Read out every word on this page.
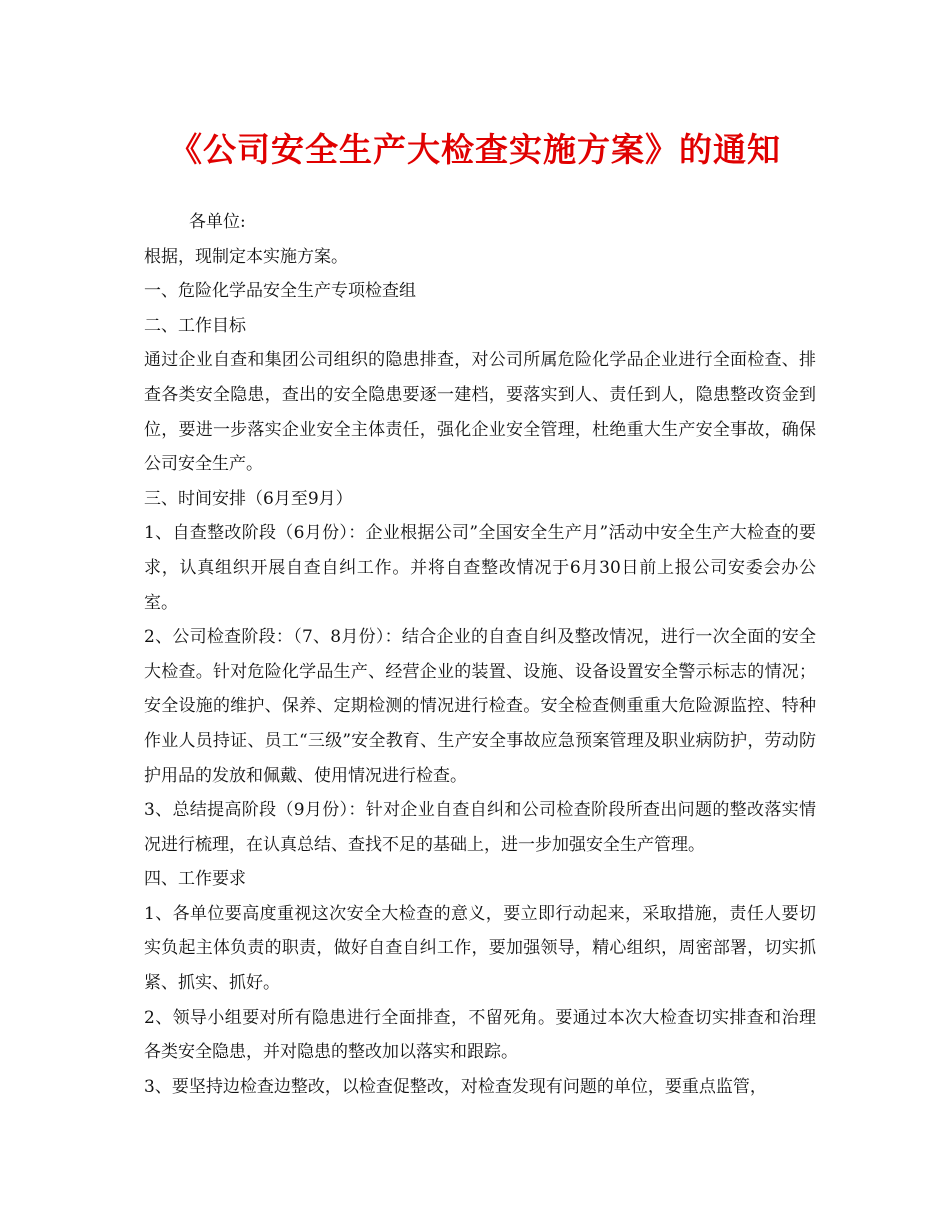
《公司安全生产大检查实施方案》的通知

各单位:

根据，现制定本实施方案。

一、危险化学品安全生产专项检查组

二、工作目标

通过企业自查和集团公司组织的隐患排查，对公司所属危险化学品企业进行全面检查、排查各类安全隐患，查出的安全隐患要逐一建档，要落实到人、责任到人，隐患整改资金到位，要进一步落实企业安全主体责任，强化企业安全管理，杜绝重大生产安全事故，确保公司安全生产。

三、时间安排（6月至9月）

1、自查整改阶段（6月份）：企业根据公司”全国安全生产月”活动中安全生产大检查的要求，认真组织开展自查自纠工作。并将自查整改情况于6月30日前上报公司安委会办公室。

2、公司检查阶段：（7、8月份）：结合企业的自查自纠及整改情况，进行一次全面的安全大检查。针对危险化学品生产、经营企业的装置、设施、设备设置安全警示标志的情况；安全设施的维护、保养、定期检测的情况进行检查。安全检查侧重重大危险源监控、特种作业人员持证、员工“三级”安全教育、生产安全事故应急预案管理及职业病防护，劳动防护用品的发放和佩戴、使用情况进行检查。

3、总结提高阶段（9月份）：针对企业自查自纠和公司检查阶段所查出问题的整改落实情况进行梳理，在认真总结、查找不足的基础上，进一步加强安全生产管理。

四、工作要求

1、各单位要高度重视这次安全大检查的意义，要立即行动起来，采取措施，责任人要切实负起主体负责的职责，做好自查自纠工作，要加强领导，精心组织，周密部署，切实抓紧、抓实、抓好。

2、领导小组要对所有隐患进行全面排查，不留死角。要通过本次大检查切实排查和治理各类安全隐患，并对隐患的整改加以落实和跟踪。

3、要坚持边检查边整改，以检查促整改，对检查发现有问题的单位，要重点监管，
